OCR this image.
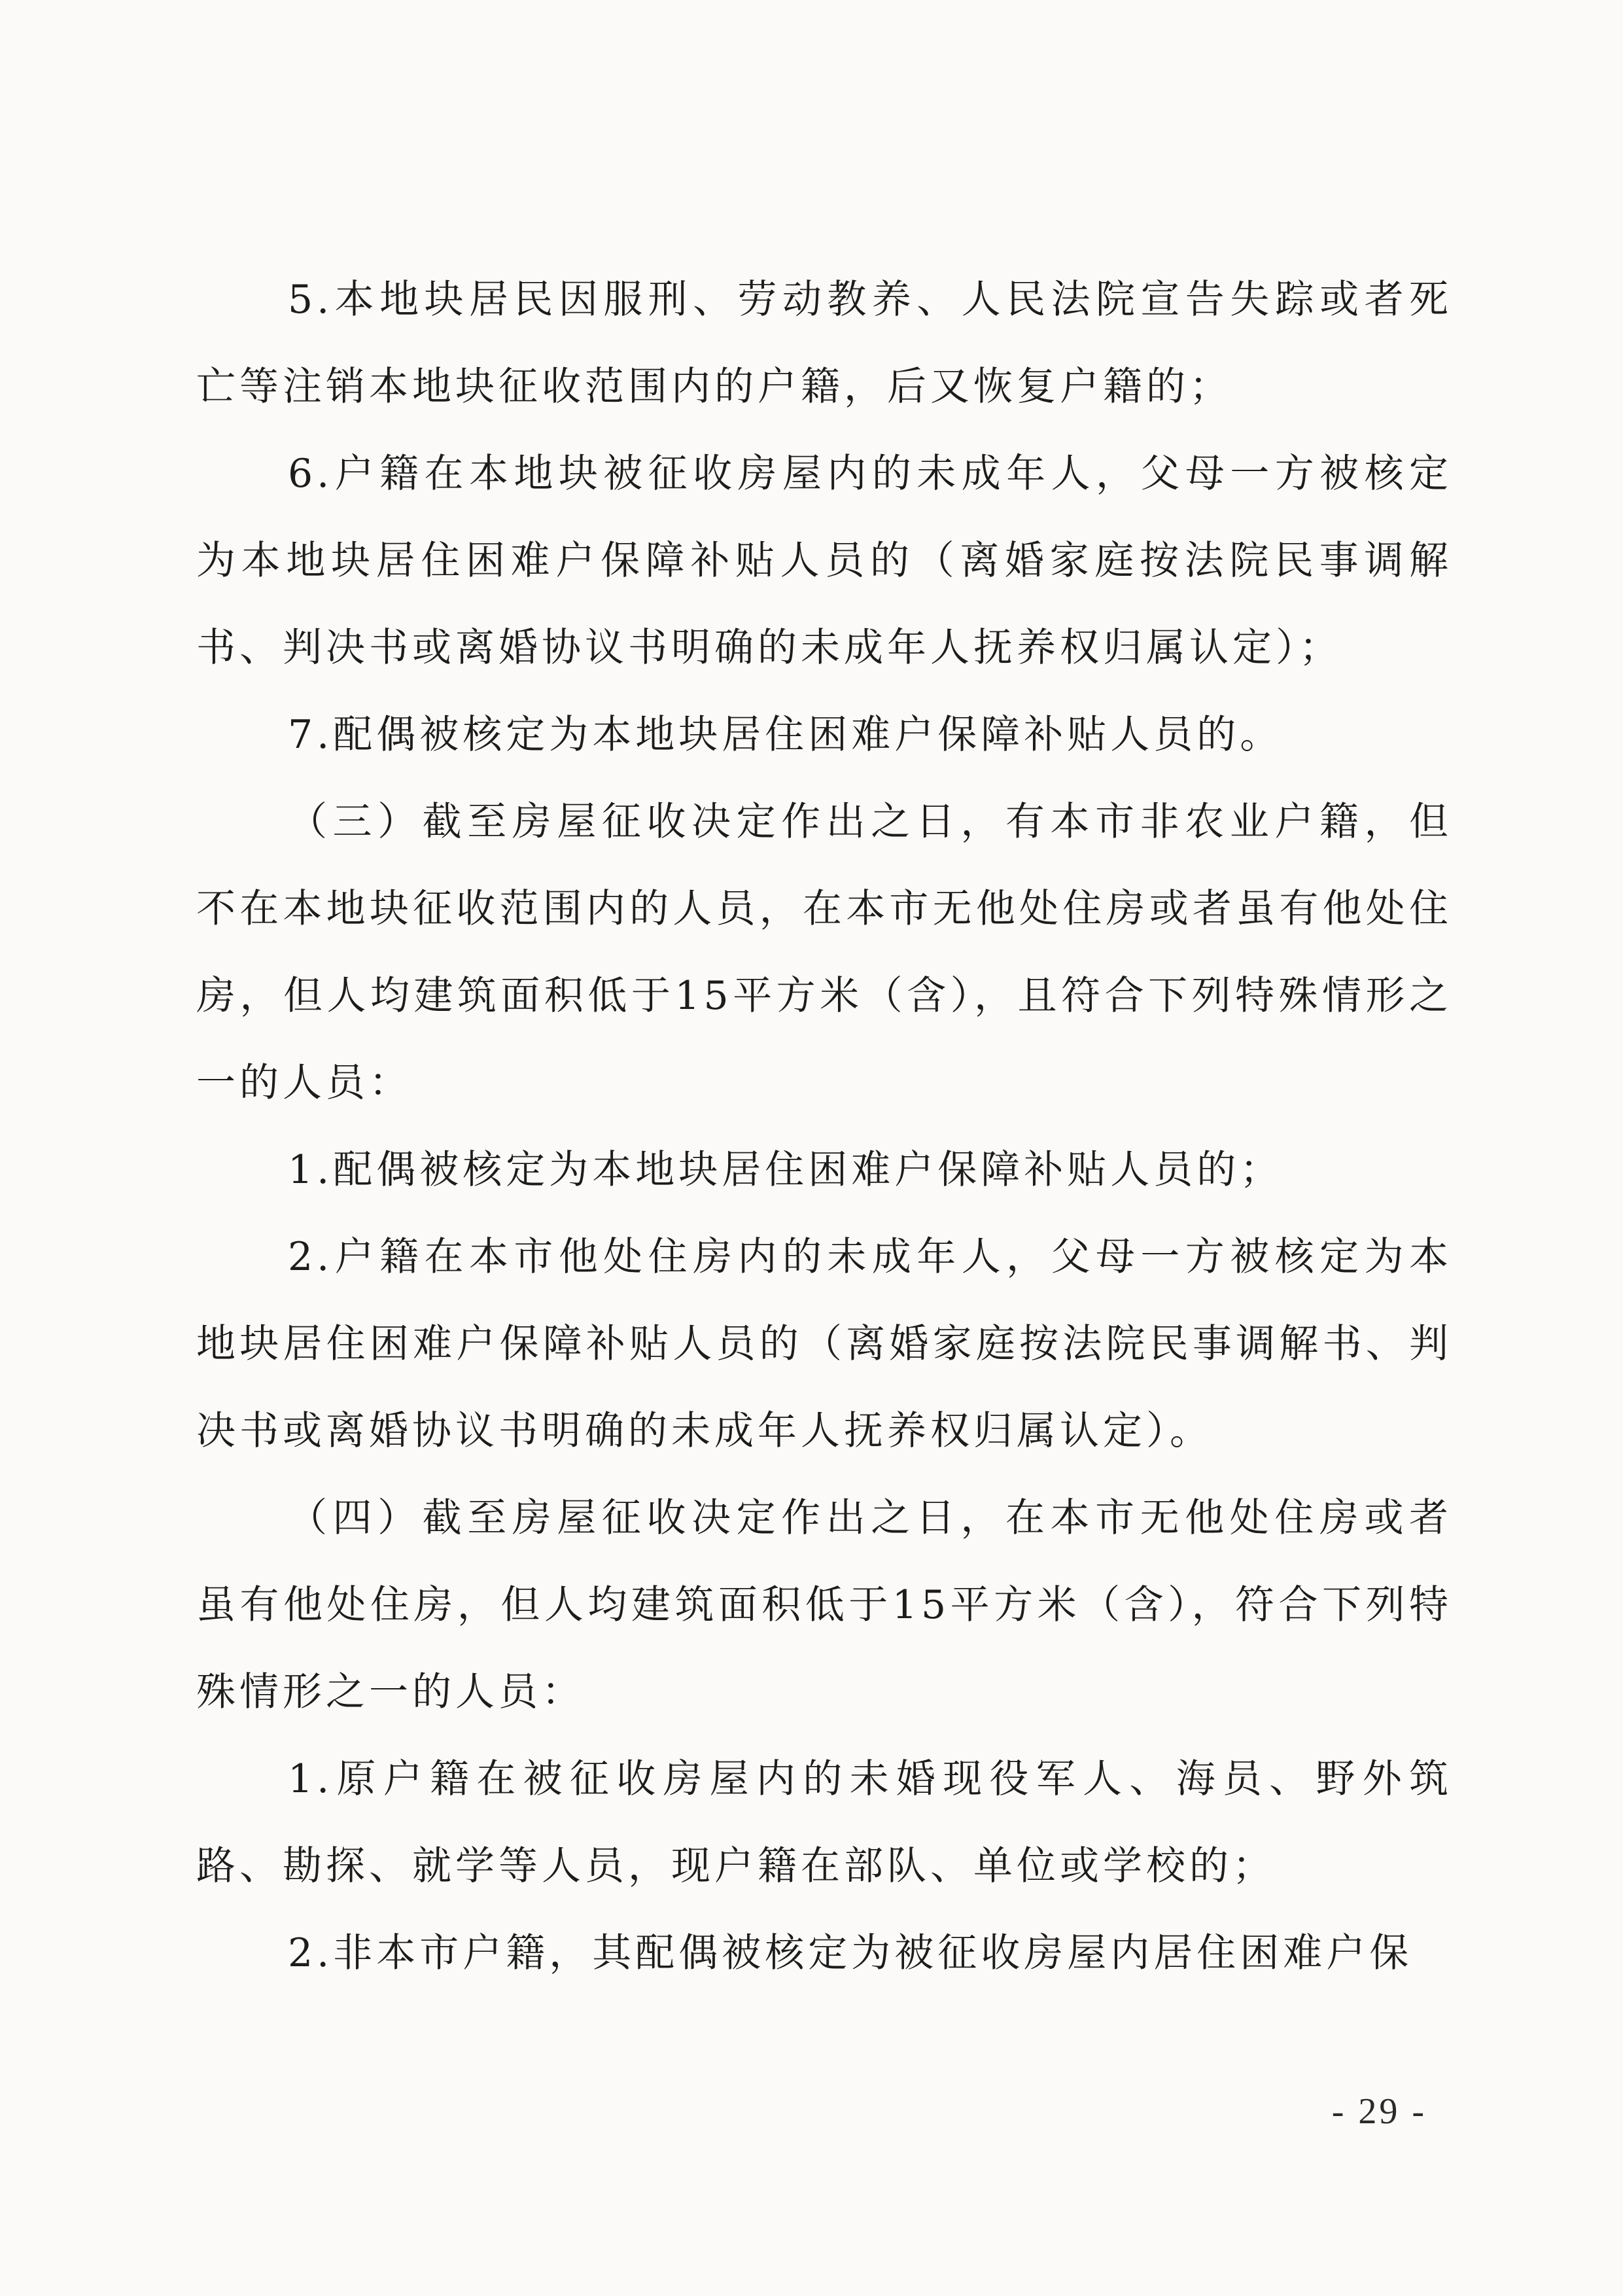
5.本地块居民因服刑、劳动教养、人民法院宣告失踪或者死亡等注销本地块征收范围内的户籍，后又恢复户籍的；

6.户籍在本地块被征收房屋内的未成年人，父母一方被核定为本地块居住困难户保障补贴人员的（离婚家庭按法院民事调解书、判决书或离婚协议书明确的未成年人抚养权归属认定）；

7.配偶被核定为本地块居住困难户保障补贴人员的。

（三）截至房屋征收决定作出之日，有本市非农业户籍，但不在本地块征收范围内的人员，在本市无他处住房或者虽有他处住房，但人均建筑面积低于15平方米（含），且符合下列特殊情形之一的人员：

1.配偶被核定为本地块居住困难户保障补贴人员的；

2.户籍在本市他处住房内的未成年人，父母一方被核定为本地块居住困难户保障补贴人员的（离婚家庭按法院民事调解书、判决书或离婚协议书明确的未成年人抚养权归属认定）。

（四）截至房屋征收决定作出之日，在本市无他处住房或者虽有他处住房，但人均建筑面积低于15平方米（含），符合下列特殊情形之一的人员：

1.原户籍在被征收房屋内的未婚现役军人、海员、野外筑路、勘探、就学等人员，现户籍在部队、单位或学校的；

2.非本市户籍，其配偶被核定为被征收房屋内居住困难户保

- 29 -
